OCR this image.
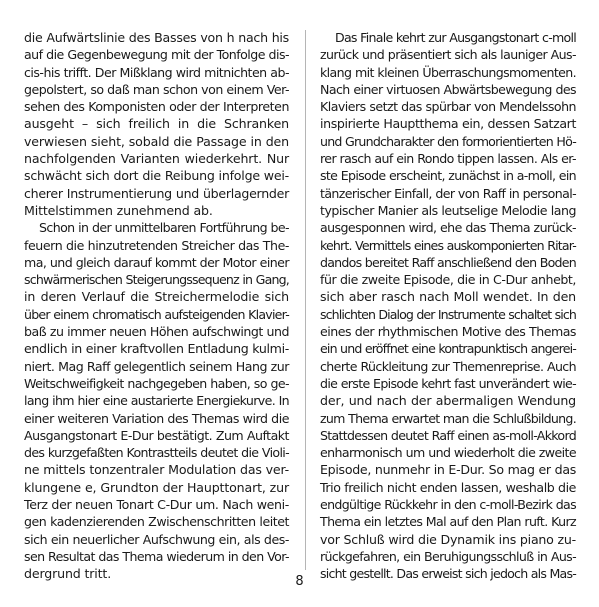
die Aufwärtslinie des Basses von h nach his
auf die Gegenbewegung mit der Tonfolge dis-
cis-his trifft. Der Mißklang wird mitnichten ab-
gepolstert, so daß man schon von einem Ver-
sehen des Komponisten oder der Interpreten
ausgeht – sich freilich in die Schranken
verwiesen sieht, sobald die Passage in den
nachfolgenden Varianten wiederkehrt. Nur
schwächt sich dort die Reibung infolge wei-
cherer Instrumentierung und überlagernder
Mittelstimmen zunehmend ab.
Schon in der unmittelbaren Fortführung be-
feuern die hinzutretenden Streicher das The-
ma, und gleich darauf kommt der Motor einer
schwärmerischen Steigerungssequenz in Gang,
in deren Verlauf die Streichermelodie sich
über einem chromatisch aufsteigenden Klavier-
baß zu immer neuen Höhen aufschwingt und
endlich in einer kraftvollen Entladung kulmi-
niert. Mag Raff gelegentlich seinem Hang zur
Weitschweifigkeit nachgegeben haben, so ge-
lang ihm hier eine austarierte Energiekurve. In
einer weiteren Variation des Themas wird die
Ausgangstonart E-Dur bestätigt. Zum Auftakt
des kurzgefaßten Kontrastteils deutet die Violi-
ne mittels tonzentraler Modulation das ver-
klungene e, Grundton der Haupttonart, zur
Terz der neuen Tonart C-Dur um. Nach weni-
gen kadenzierenden Zwischenschritten leitet
sich ein neuerlicher Aufschwung ein, als des-
sen Resultat das Thema wiederum in den Vor-
dergrund tritt.
Das Finale kehrt zur Ausgangstonart c-moll
zurück und präsentiert sich als launiger Aus-
klang mit kleinen Überraschungsmomenten.
Nach einer virtuosen Abwärtsbewegung des
Klaviers setzt das spürbar von Mendelssohn
inspirierte Hauptthema ein, dessen Satzart
und Grundcharakter den formorientierten Hö-
rer rasch auf ein Rondo tippen lassen. Als er-
ste Episode erscheint, zunächst in a-moll, ein
tänzerischer Einfall, der von Raff in personal-
typischer Manier als leutselige Melodie lang
ausgesponnen wird, ehe das Thema zurück-
kehrt. Vermittels eines auskomponierten Ritar-
dandos bereitet Raff anschließend den Boden
für die zweite Episode, die in C-Dur anhebt,
sich aber rasch nach Moll wendet. In den
schlichten Dialog der Instrumente schaltet sich
eines der rhythmischen Motive des Themas
ein und eröffnet eine kontrapunktisch angerei-
cherte Rückleitung zur Themenreprise. Auch
die erste Episode kehrt fast unverändert wie-
der, und nach der abermaligen Wendung
zum Thema erwartet man die Schlußbildung.
Stattdessen deutet Raff einen as-moll-Akkord
enharmonisch um und wiederholt die zweite
Episode, nunmehr in E-Dur. So mag er das
Trio freilich nicht enden lassen, weshalb die
endgültige Rückkehr in den c-moll-Bezirk das
Thema ein letztes Mal auf den Plan ruft. Kurz
vor Schluß wird die Dynamik ins piano zu-
rückgefahren, ein Beruhigungsschluß in Aus-
sicht gestellt. Das erweist sich jedoch als Mas-
8
